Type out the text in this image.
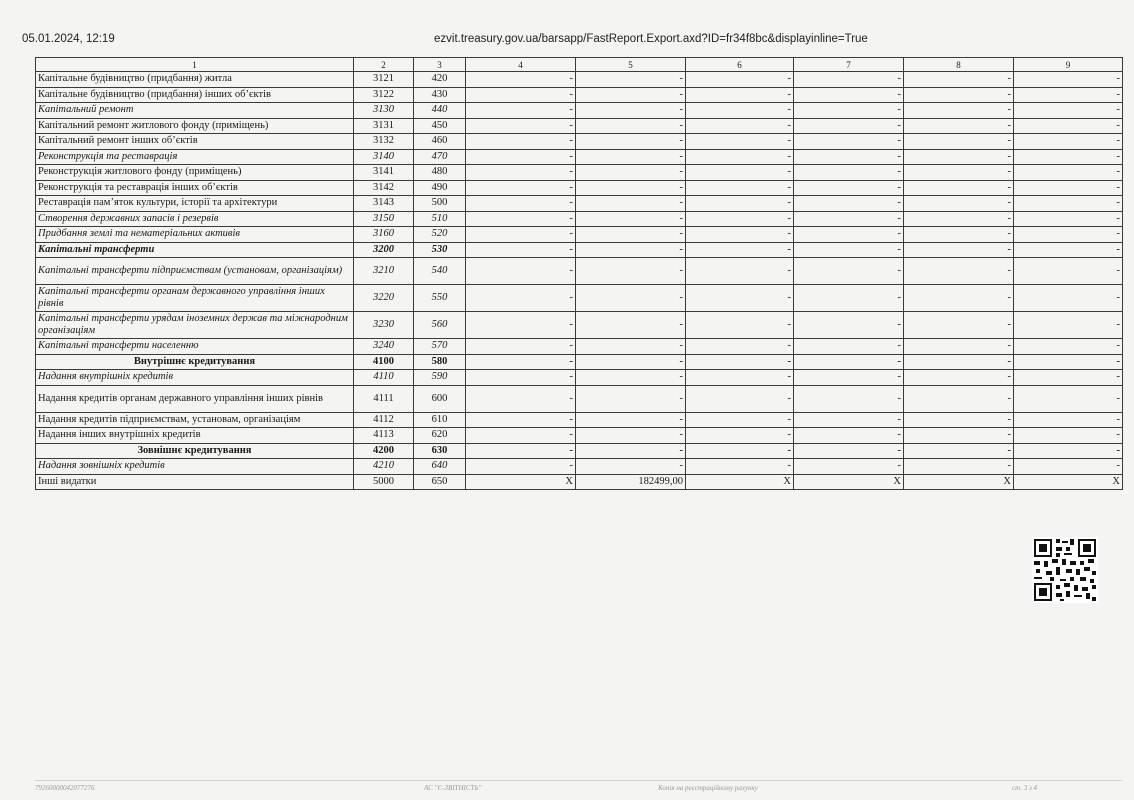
05.01.2024, 12:19	ezvit.treasury.gov.ua/barsapp/FastReport.Export.axd?ID=fr34f8bc&displayinline=True
1	2	3	4	5	6	7	8	9
Капітальне будівництво (придбання) житла	3121	420	-	-	-	-	-	-
Капітальне будівництво (придбання) інших об’єктів	3122	430	-	-	-	-	-	-
Капітальний ремонт	3130	440	-	-	-	-	-	-
Капітальний ремонт житлового фонду (приміщень)	3131	450	-	-	-	-	-	-
Капітальний ремонт інших об’єктів	3132	460	-	-	-	-	-	-
Реконструкція та реставрація	3140	470	-	-	-	-	-	-
Реконструкція житлового фонду (приміщень)	3141	480	-	-	-	-	-	-
Реконструкція та реставрація інших об’єктів	3142	490	-	-	-	-	-	-
Реставрація пам’яток культури, історії та архітектури	3143	500	-	-	-	-	-	-
Створення державних запасів і резервів	3150	510	-	-	-	-	-	-
Придбання землі та нематеріальних активів	3160	520	-	-	-	-	-	-
Капітальні трансферти	3200	530	-	-	-	-	-	-
Капітальні трансферти підприємствам (установам, організаціям)	3210	540	-	-	-	-	-	-
Капітальні трансферти органам державного управління інших рівнів	3220	550	-	-	-	-	-	-
Капітальні трансферти урядам іноземних держав та міжнародним організаціям	3230	560	-	-	-	-	-	-
Капітальні трансферти населенню	3240	570	-	-	-	-	-	-
Внутрішнє кредитування	4100	580	-	-	-	-	-	-
Надання внутрішніх кредитів	4110	590	-	-	-	-	-	-
Надання кредитів органам державного управління інших рівнів	4111	600	-	-	-	-	-	-
Надання кредитів підприємствам, установам, організаціям	4112	610	-	-	-	-	-	-
Надання інших внутрішніх кредитів	4113	620	-	-	-	-	-	-
Зовнішнє кредитування	4200	630	-	-	-	-	-	-
Надання зовнішніх кредитів	4210	640	-	-	-	-	-	-
Інші видатки	5000	650	X	182499,00	X	X	X	X
79260000042077276	АС "Є-ЗВІТНІСТЬ"	Копія на реєстраційному рахунку	ст. 3 з 4
